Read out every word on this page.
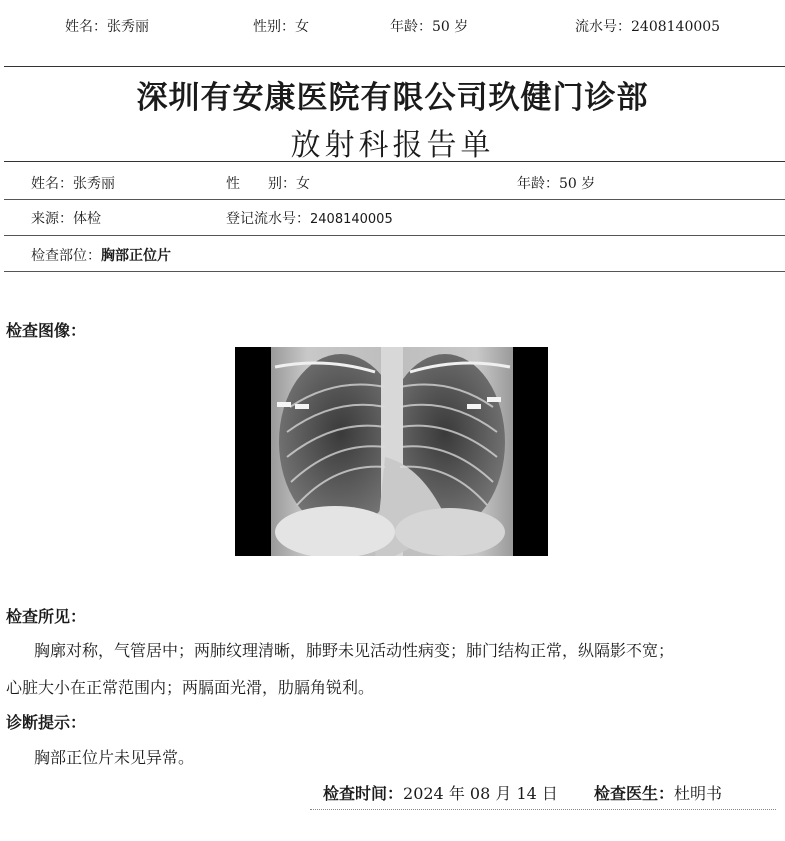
姓名：张秀丽	性别：女	年龄：50 岁	流水号：2408140005
深圳有安康医院有限公司玖健门诊部
放射科报告单
姓名：张秀丽	性　　别：女	年龄：50 岁
来源：体检	登记流水号：2408140005
检查部位：胸部正位片
检查图像：
检查所见：
胸廓对称，气管居中；两肺纹理清晰，肺野未见活动性病变；肺门结构正常，纵隔影不宽；
心脏大小在正常范围内；两膈面光滑，肋膈角锐利。
诊断提示：
胸部正位片未见异常。
检查时间：2024 年 08 月 14 日 检查医生：杜明书
